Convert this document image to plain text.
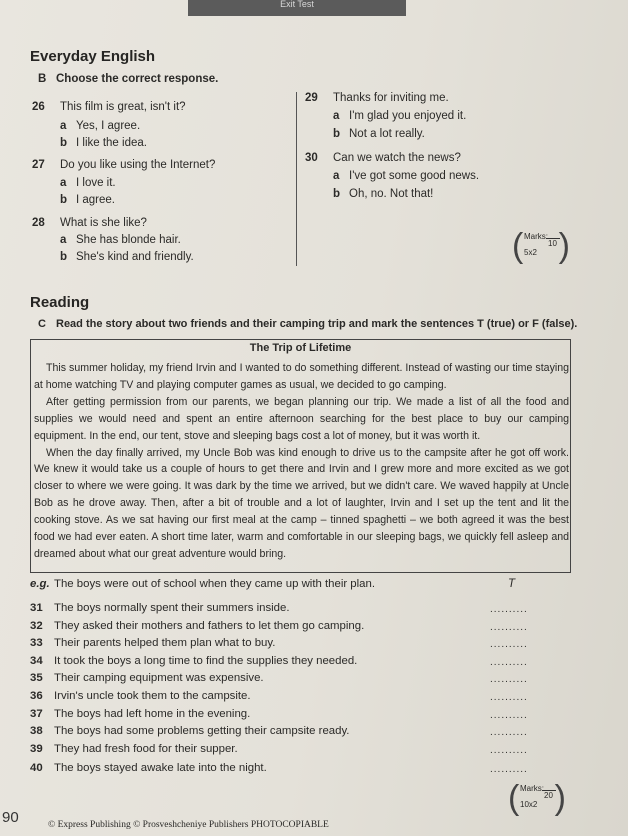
Exit Test
Everyday English
B Choose the correct response.
26 This film is great, isn't it?
a Yes, I agree.
b I like the idea.
27 Do you like using the Internet?
a I love it.
b I agree.
28 What is she like?
a She has blonde hair.
b She's kind and friendly.
29 Thanks for inviting me.
a I'm glad you enjoyed it.
b Not a lot really.
30 Can we watch the news?
a I've got some good news.
b Oh, no. Not that!
( Marks:
10
5x2 )
Reading
C Read the story about two friends and their camping trip and mark the sentences T (true) or F (false).
The Trip of Lifetime

This summer holiday, my friend Irvin and I wanted to do something different. Instead of wasting our time staying at home watching TV and playing computer games as usual, we decided to go camping.

After getting permission from our parents, we began planning our trip. We made a list of all the food and supplies we would need and spent an entire afternoon searching for the best place to buy our camping equipment. In the end, our tent, stove and sleeping bags cost a lot of money, but it was worth it.

When the day finally arrived, my Uncle Bob was kind enough to drive us to the campsite after he got off work. We knew it would take us a couple of hours to get there and Irvin and I grew more and more excited as we got closer to where we were going. It was dark by the time we arrived, but we didn't care. We waved happily at Uncle Bob as he drove away. Then, after a bit of trouble and a lot of laughter, Irvin and I set up the tent and lit the cooking stove. As we sat having our first meal at the camp – tinned spaghetti – we both agreed it was the best food we had ever eaten. A short time later, warm and comfortable in our sleeping bags, we quickly fell asleep and dreamed about what our great adventure would bring.

e.g. The boys were out of school when they came up with their plan.	T
31 The boys normally spent their summers inside.	..........
32 They asked their mothers and fathers to let them go camping.	..........
33 Their parents helped them plan what to buy.	..........
34 It took the boys a long time to find the supplies they needed.	..........
35 Their camping equipment was expensive.	..........
36 Irvin's uncle took them to the campsite.	..........
37 The boys had left home in the evening.	..........
38 The boys had some problems getting their campsite ready.	..........
39 They had fresh food for their supper.	..........
40 The boys stayed awake late into the night.	..........
( Marks:
20
10x2 )
90	© Express Publishing © Prosveshcheniye Publishers PHOTOCOPIABLE
